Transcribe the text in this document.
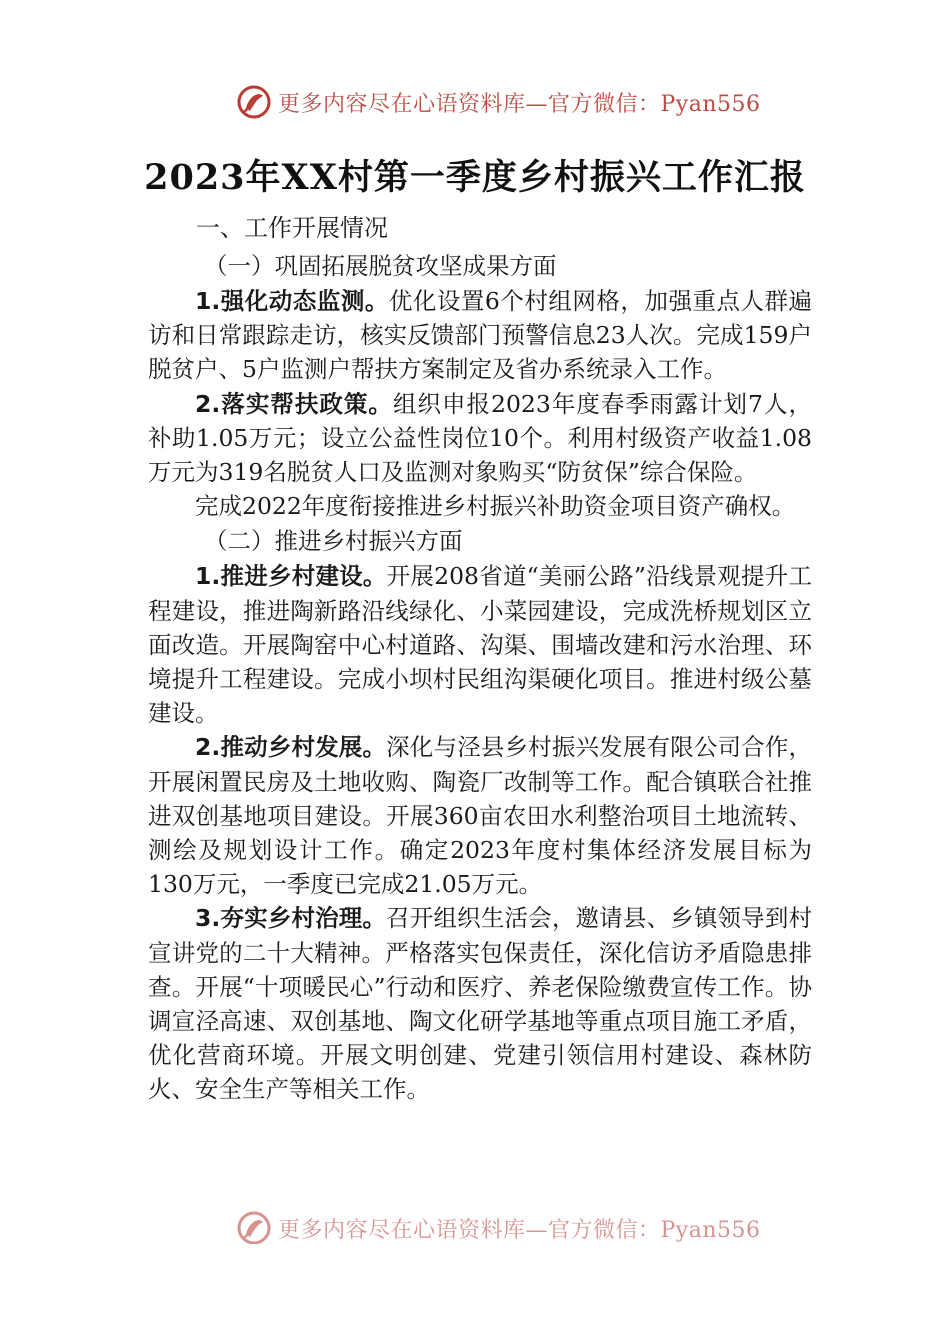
更多内容尽在心语资料库—官方微信：Pyan556
2023年XX村第一季度乡村振兴工作汇报
一、工作开展情况
（一）巩固拓展脱贫攻坚成果方面

1.强化动态监测。优化设置6个村组网格，加强重点人群遍访和日常跟踪走访，核实反馈部门预警信息23人次。完成159户脱贫户、5户监测户帮扶方案制定及省办系统录入工作。

2.落实帮扶政策。组织申报2023年度春季雨露计划7人，补助1.05万元；设立公益性岗位10个。利用村级资产收益1.08万元为319名脱贫人口及监测对象购买“防贫保”综合保险。

完成2022年度衔接推进乡村振兴补助资金项目资产确权。

（二）推进乡村振兴方面

1.推进乡村建设。开展208省道“美丽公路”沿线景观提升工程建设，推进陶新路沿线绿化、小菜园建设，完成洗桥规划区立面改造。开展陶窑中心村道路、沟渠、围墙改建和污水治理、环境提升工程建设。完成小坝村民组沟渠硬化项目。推进村级公墓建设。

2.推动乡村发展。深化与泾县乡村振兴发展有限公司合作，开展闲置民房及土地收购、陶瓷厂改制等工作。配合镇联合社推进双创基地项目建设。开展360亩农田水利整治项目土地流转、测绘及规划设计工作。确定2023年度村集体经济发展目标为130万元，一季度已完成21.05万元。

3.夯实乡村治理。召开组织生活会，邀请县、乡镇领导到村宣讲党的二十大精神。严格落实包保责任，深化信访矛盾隐患排查。开展“十项暖民心”行动和医疗、养老保险缴费宣传工作。协调宣泾高速、双创基地、陶文化研学基地等重点项目施工矛盾，优化营商环境。开展文明创建、党建引领信用村建设、森林防火、安全生产等相关工作。

更多内容尽在心语资料库—官方微信：Pyan556
